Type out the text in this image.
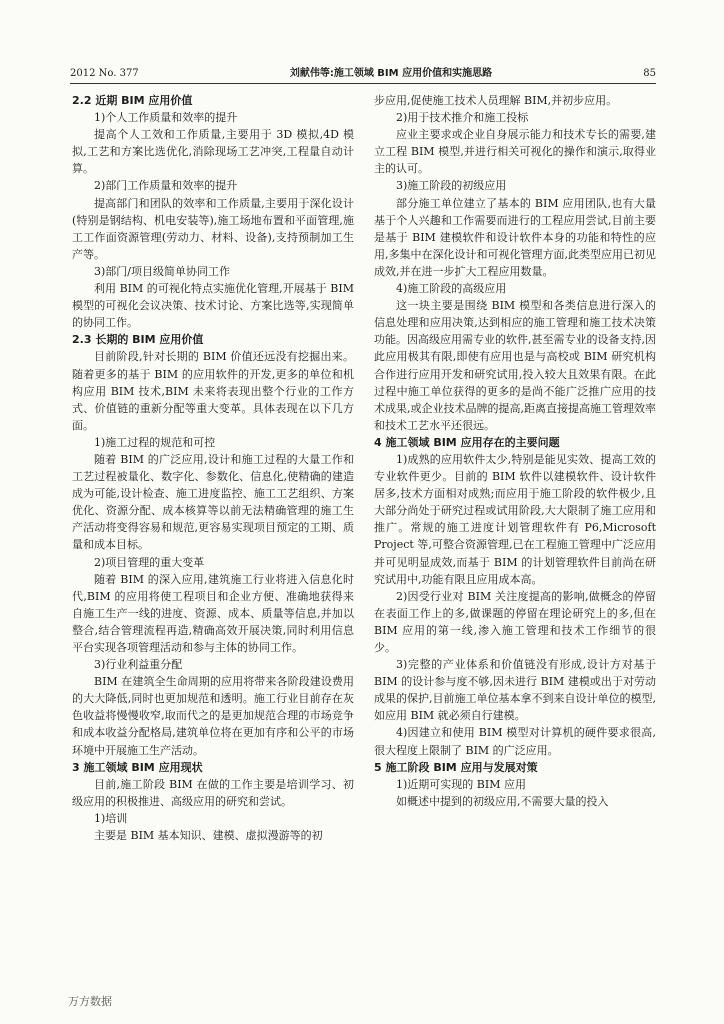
2012 No. 377	刘献伟等:施工领域 BIM 应用价值和实施思路	85

2.2 近期 BIM 应用价值

1)个人工作质量和效率的提升

提高个人工效和工作质量,主要用于 3D 模拟,4D 模拟,工艺和方案比选优化,消除现场工艺冲突,工程量自动计算。

2)部门工作质量和效率的提升

提高部门和团队的效率和工作质量,主要用于深化设计(特别是钢结构、机电安装等),施工场地布置和平面管理,施工工作面资源管理(劳动力、材料、设备),支持预制加工生产等。

3)部门/项目级简单协同工作

利用 BIM 的可视化特点实施优化管理,开展基于 BIM 模型的可视化会议决策、技术讨论、方案比选等,实现简单的协同工作。

2.3 长期的 BIM 应用价值

目前阶段,针对长期的 BIM 价值还远没有挖掘出来。随着更多的基于 BIM 的应用软件的开发,更多的单位和机构应用 BIM 技术,BIM 未来将表现出整个行业的工作方式、价值链的重新分配等重大变革。具体表现在以下几方面。

1)施工过程的规范和可控

随着 BIM 的广泛应用,设计和施工过程的大量工作和工艺过程被量化、数字化、参数化、信息化,使精确的建造成为可能,设计检查、施工进度监控、施工工艺组织、方案优化、资源分配、成本核算等以前无法精确管理的施工生产活动将变得容易和规范,更容易实现项目预定的工期、质量和成本目标。

2)项目管理的重大变革

随着 BIM 的深入应用,建筑施工行业将进入信息化时代,BIM 的应用将使工程项目和企业方便、准确地获得来自施工生产一线的进度、资源、成本、质量等信息,并加以整合,结合管理流程再造,精确高效开展决策,同时利用信息平台实现各项管理活动和参与主体的协同工作。

3)行业利益重分配

BIM 在建筑全生命周期的应用将带来各阶段建设费用的大大降低,同时也更加规范和透明。施工行业目前存在灰色收益将慢慢收窄,取而代之的是更加规范合理的市场竞争和成本收益分配格局,建筑单位将在更加有序和公平的市场环境中开展施工生产活动。

3 施工领域 BIM 应用现状

目前,施工阶段 BIM 在做的工作主要是培训学习、初级应用的积极推进、高级应用的研究和尝试。

1)培训

主要是 BIM 基本知识、建模、虚拟漫游等的初

步应用,促使施工技术人员理解 BIM,并初步应用。

2)用于技术推介和施工投标

应业主要求或企业自身展示能力和技术专长的需要,建立工程 BIM 模型,并进行相关可视化的操作和演示,取得业主的认可。

3)施工阶段的初级应用

部分施工单位建立了基本的 BIM 应用团队,也有大量基于个人兴趣和工作需要而进行的工程应用尝试,目前主要是基于 BIM 建模软件和设计软件本身的功能和特性的应用,多集中在深化设计和可视化管理方面,此类型应用已初见成效,并在进一步扩大工程应用数量。

4)施工阶段的高级应用

这一块主要是围绕 BIM 模型和各类信息进行深入的信息处理和应用决策,达到相应的施工管理和施工技术决策功能。因高级应用需专业的软件,甚至需专业的设备支持,因此应用极其有限,即使有应用也是与高校或 BIM 研究机构合作进行应用开发和研究试用,投入较大且效果有限。在此过程中施工单位获得的更多的是尚不能广泛推广应用的技术成果,或企业技术品牌的提高,距离直接提高施工管理效率和技术工艺水平还很远。

4 施工领域 BIM 应用存在的主要问题

1)成熟的应用软件太少,特别是能见实效、提高工效的专业软件更少。目前的 BIM 软件以建模软件、设计软件居多,技术方面相对成熟;而应用于施工阶段的软件极少,且大部分尚处于研究过程或试用阶段,大大限制了施工应用和推广。常规的施工进度计划管理软件有 P6,Microsoft Project 等,可整合资源管理,已在工程施工管理中广泛应用并可见明显成效,而基于 BIM 的计划管理软件目前尚在研究试用中,功能有限且应用成本高。

2)因受行业对 BIM 关注度提高的影响,做概念的停留在表面工作上的多,做课题的停留在理论研究上的多,但在 BIM 应用的第一线,渗入施工管理和技术工作细节的很少。

3)完整的产业体系和价值链没有形成,设计方对基于 BIM 的设计参与度不够,因未进行 BIM 建模或出于对劳动成果的保护,目前施工单位基本拿不到来自设计单位的模型,如应用 BIM 就必须自行建模。

4)因建立和使用 BIM 模型对计算机的硬件要求很高,很大程度上限制了 BIM 的广泛应用。

5 施工阶段 BIM 应用与发展对策

1)近期可实现的 BIM 应用

如概述中提到的初级应用,不需要大量的投入

万方数据
